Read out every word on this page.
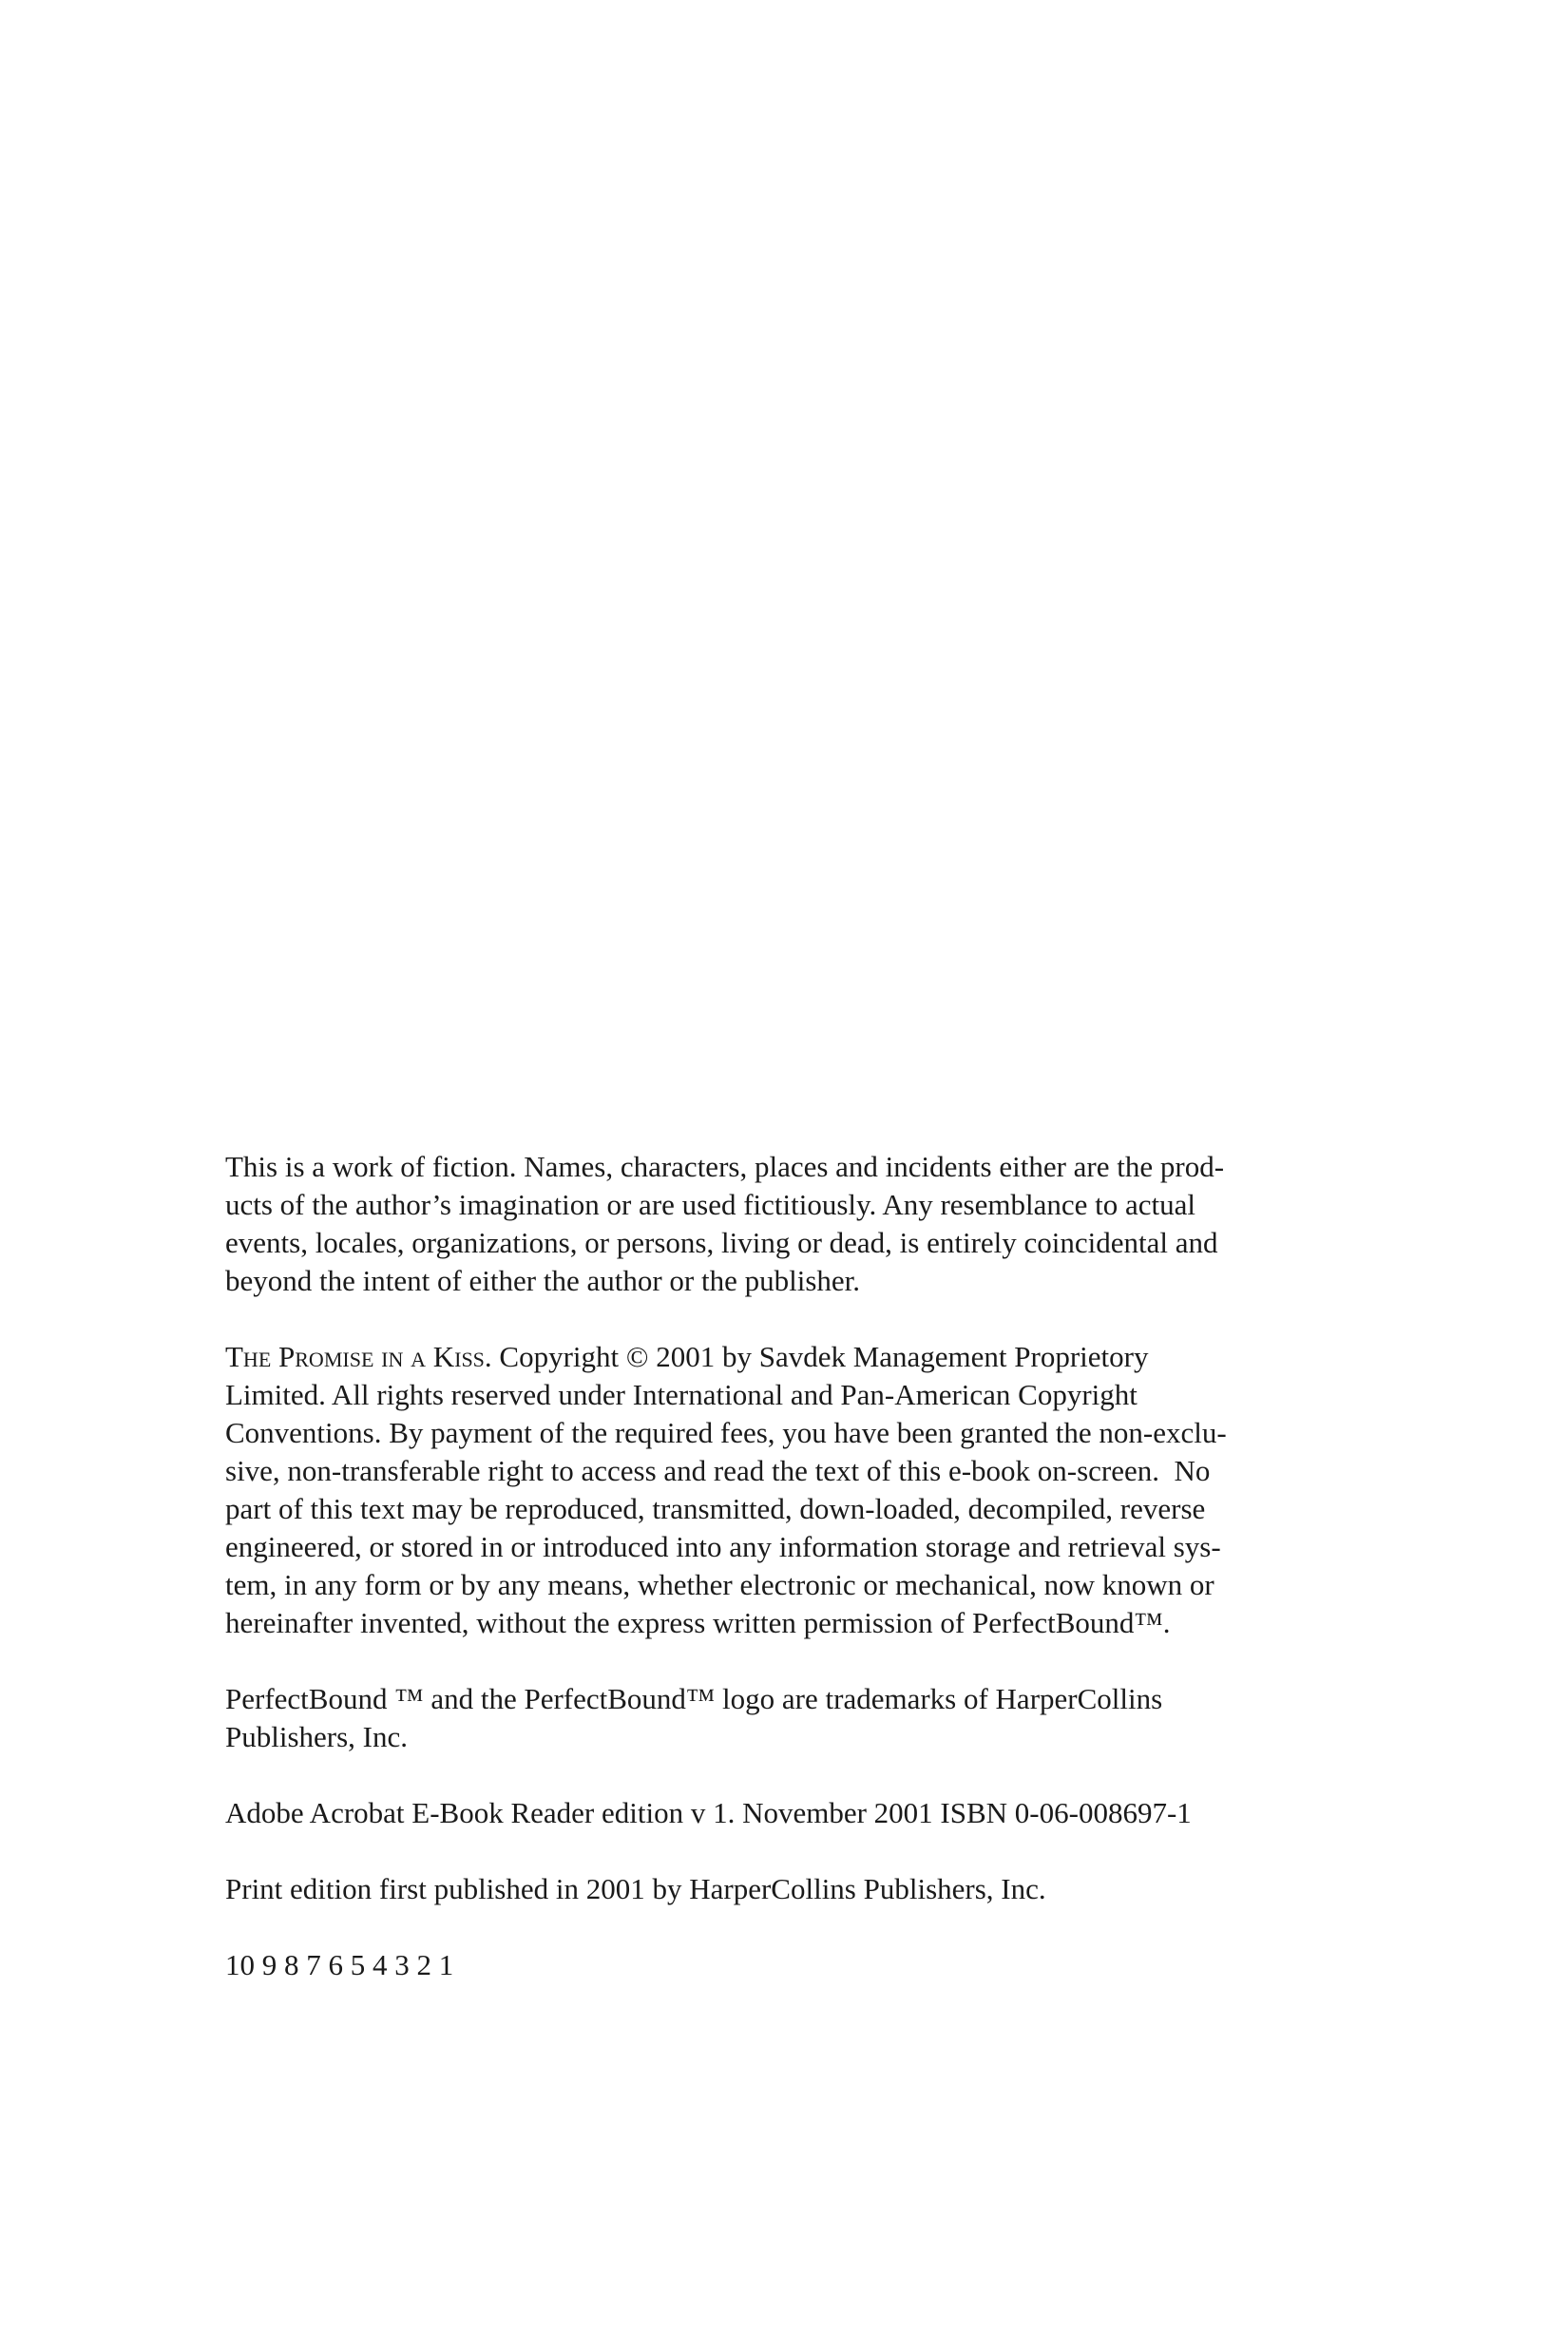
This is a work of fiction. Names, characters, places and incidents either are the prod-
ucts of the author’s imagination or are used fictitiously. Any resemblance to actual
events, locales, organizations, or persons, living or dead, is entirely coincidental and
beyond the intent of either the author or the publisher.

The Promise in a Kiss. Copyright © 2001 by Savdek Management Proprietory
Limited. All rights reserved under International and Pan-American Copyright
Conventions. By payment of the required fees, you have been granted the non-exclu-
sive, non-transferable right to access and read the text of this e-book on-screen.  No
part of this text may be reproduced, transmitted, down-loaded, decompiled, reverse
engineered, or stored in or introduced into any information storage and retrieval sys-
tem, in any form or by any means, whether electronic or mechanical, now known or
hereinafter invented, without the express written permission of PerfectBound™.

PerfectBound ™ and the PerfectBound™ logo are trademarks of HarperCollins
Publishers, Inc.

Adobe Acrobat E-Book Reader edition v 1. November 2001 ISBN 0-06-008697-1

Print edition first published in 2001 by HarperCollins Publishers, Inc.

10 9 8 7 6 5 4 3 2 1
